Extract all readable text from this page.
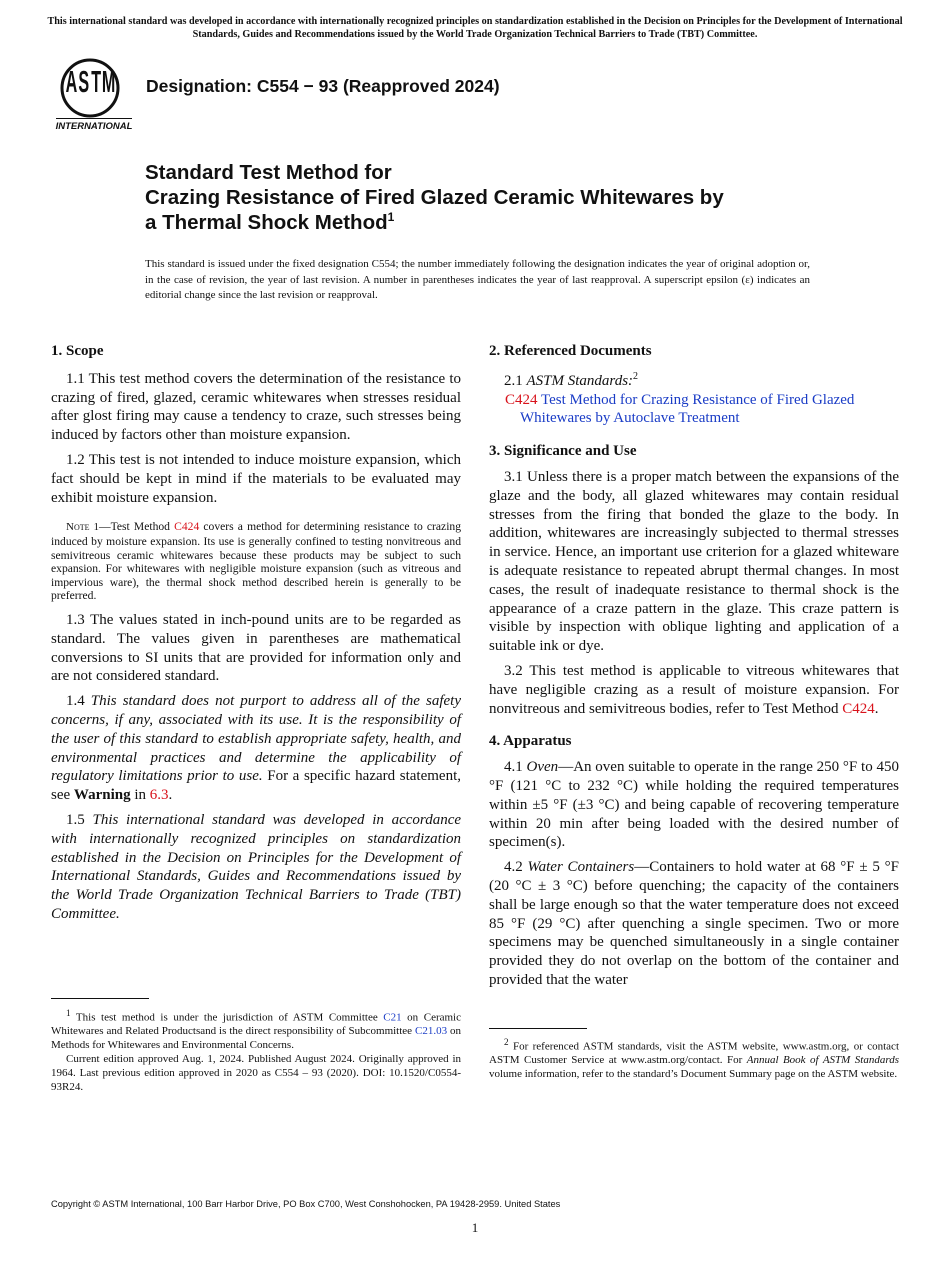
This international standard was developed in accordance with internationally recognized principles on standardization established in the Decision on Principles for the Development of International Standards, Guides and Recommendations issued by the World Trade Organization Technical Barriers to Trade (TBT) Committee.
A S T M
INTERNATIONAL
Designation: C554 − 93 (Reapproved 2024)
Standard Test Method for
Crazing Resistance of Fired Glazed Ceramic Whitewares by
a Thermal Shock Method$^1$
This standard is issued under the fixed designation C554; the number immediately following the designation indicates the year of original adoption or, in the case of revision, the year of last revision. A number in parentheses indicates the year of last reapproval. A superscript epsilon (ε) indicates an editorial change since the last revision or reapproval.
1. Scope

1.1 This test method covers the determination of the resistance to crazing of fired, glazed, ceramic whitewares when stresses residual after glost firing may cause a tendency to craze, such stresses being induced by factors other than moisture expansion.

1.2 This test is not intended to induce moisture expansion, which fact should be kept in mind if the materials to be evaluated may exhibit moisture expansion.

Note 1—Test Method C424 covers a method for determining resistance to crazing induced by moisture expansion. Its use is generally confined to testing nonvitreous and semivitreous ceramic whitewares because these products may be subject to such expansion. For whitewares with negligible moisture expansion (such as vitreous and impervious ware), the thermal shock method described herein is generally to be preferred.

1.3 The values stated in inch-pound units are to be regarded as standard. The values given in parentheses are mathematical conversions to SI units that are provided for information only and are not considered standard.

1.4 This standard does not purport to address all of the safety concerns, if any, associated with its use. It is the responsibility of the user of this standard to establish appropriate safety, health, and environmental practices and determine the applicability of regulatory limitations prior to use. For a specific hazard statement, see Warning in 6.3.

1.5 This international standard was developed in accordance with internationally recognized principles on standardization established in the Decision on Principles for the Development of International Standards, Guides and Recommendations issued by the World Trade Organization Technical Barriers to Trade (TBT) Committee.

$^1$ This test method is under the jurisdiction of ASTM Committee C21 on Ceramic Whitewares and Related Productsand is the direct responsibility of Subcommittee C21.03 on Methods for Whitewares and Environmental Concerns.

Current edition approved Aug. 1, 2024. Published August 2024. Originally approved in 1964. Last previous edition approved in 2020 as C554 – 93 (2020). DOI: 10.1520/C0554-93R24.

2. Referenced Documents

2.1 ASTM Standards:$^2$

C424 Test Method for Crazing Resistance of Fired Glazed Whitewares by Autoclave Treatment

3. Significance and Use

3.1 Unless there is a proper match between the expansions of the glaze and the body, all glazed whitewares may contain residual stresses from the firing that bonded the glaze to the body. In addition, whitewares are increasingly subjected to thermal stresses in service. Hence, an important use criterion for a glazed whiteware is adequate resistance to repeated abrupt thermal changes. In most cases, the result of inadequate resistance to thermal shock is the appearance of a craze pattern in the glaze. This craze pattern is visible by inspection with oblique lighting and application of a suitable ink or dye.

3.2 This test method is applicable to vitreous whitewares that have negligible crazing as a result of moisture expansion. For nonvitreous and semivitreous bodies, refer to Test Method C424.

4. Apparatus

4.1 Oven—An oven suitable to operate in the range 250 °F to 450 °F (121 °C to 232 °C) while holding the required temperatures within ±5 °F (±3 °C) and being capable of recovering temperature within 20 min after being loaded with the desired number of specimen(s).

4.2 Water Containers—Containers to hold water at 68 °F ± 5 °F (20 °C ± 3 °C) before quenching; the capacity of the containers shall be large enough so that the water temperature does not exceed 85 °F (29 °C) after quenching a single specimen. Two or more specimens may be quenched simultaneously in a single container provided they do not overlap on the bottom of the container and provided that the water

$^2$ For referenced ASTM standards, visit the ASTM website, www.astm.org, or contact ASTM Customer Service at www.astm.org/contact. For Annual Book of ASTM Standards volume information, refer to the standard’s Document Summary page on the ASTM website.

Copyright © ASTM International, 100 Barr Harbor Drive, PO Box C700, West Conshohocken, PA 19428-2959. United States
1
